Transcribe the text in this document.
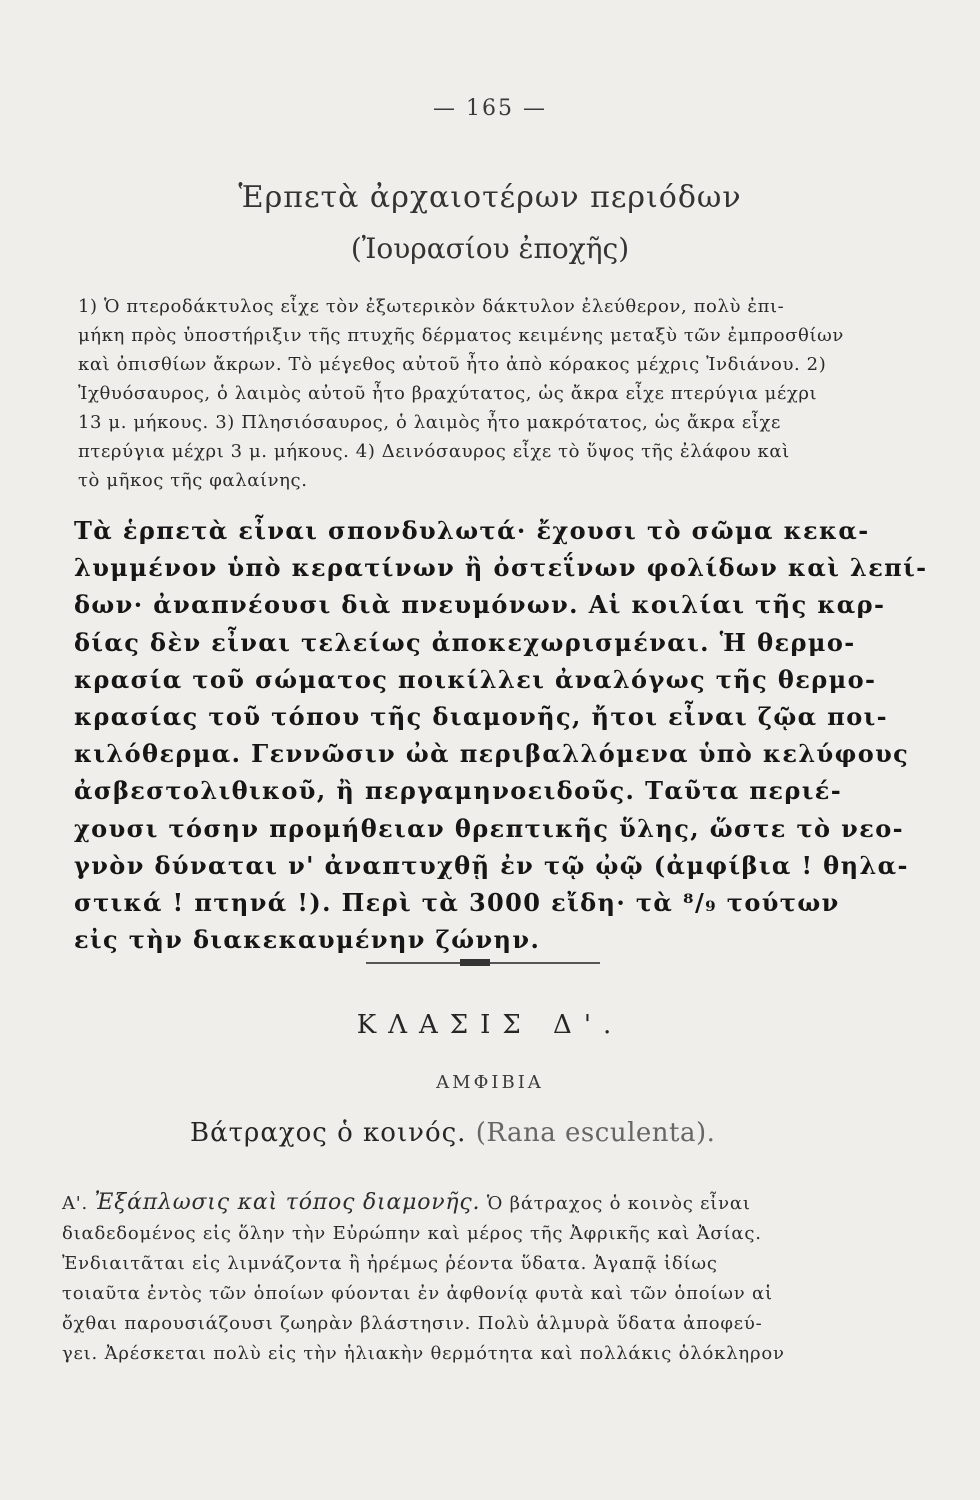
— 165 —
Ἑρπετὰ ἀρχαιοτέρων περιόδων
(Ἰουρασίου ἐποχῆς)
1) Ὁ πτεροδάκτυλος εἶχε τὸν ἐξωτερικὸν δάκτυλον ἐλεύθερον, πολὺ ἐπι-
μήκη πρὸς ὑποστήριξιν τῆς πτυχῆς δέρματος κειμένης μεταξὺ τῶν ἐμπροσθίων
καὶ ὀπισθίων ἄκρων. Τὸ μέγεθος αὐτοῦ ἦτο ἀπὸ κόρακος μέχρις Ἰνδιάνου. 2)
Ἰχθυόσαυρος, ὁ λαιμὸς αὐτοῦ ἦτο βραχύτατος, ὡς ἄκρα εἶχε πτερύγια μέχρι
13 μ. μήκους. 3) Πλησιόσαυρος, ὁ λαιμὸς ἦτο μακρότατος, ὡς ἄκρα εἶχε
πτερύγια μέχρι 3 μ. μήκους. 4) Δεινόσαυρος εἶχε τὸ ὕψος τῆς ἐλάφου καὶ
τὸ μῆκος τῆς φαλαίνης.
Τὰ ἑρπετὰ εἶναι σπονδυλωτά· ἔχουσι τὸ σῶμα κεκα-
λυμμένον ὑπὸ κερατίνων ἢ ὀστεΐνων φολίδων καὶ λεπί-
δων· ἀναπνέουσι διὰ πνευμόνων. Αἱ κοιλίαι τῆς καρ-
δίας δὲν εἶναι τελείως ἀποκεχωρισμέναι. Ἡ θερμο-
κρασία τοῦ σώματος ποικίλλει ἀναλόγως τῆς θερμο-
κρασίας τοῦ τόπου τῆς διαμονῆς, ἤτοι εἶναι ζῷα ποι-
κιλόθερμα. Γεννῶσιν ὠὰ περιβαλλόμενα ὑπὸ κελύφους
ἀσβεστολιθικοῦ, ἢ περγαμηνοειδοῦς. Ταῦτα περιέ-
χουσι τόσην προμήθειαν θρεπτικῆς ὕλης, ὥστε τὸ νεο-
γνὸν δύναται ν' ἀναπτυχθῇ ἐν τῷ ᾠῷ (ἀμφίβια ! θηλα-
στικά ! πτηνά !). Περὶ τὰ 3000 εἴδη· τὰ ⁸/₉ τούτων
εἰς τὴν διακεκαυμένην ζώνην.
ΚΛΑΣΙΣ Δ'.
ΑΜΦΙΒΙΑ
Βάτραχος ὁ κοινός. (Rana esculenta).
Α'. Ἐξάπλωσις καὶ τόπος διαμονῆς. Ὁ βάτραχος ὁ κοινὸς εἶναι
διαδεδομένος εἰς ὅλην τὴν Εὐρώπην καὶ μέρος τῆς Ἀφρικῆς καὶ Ἀσίας.
Ἐνδιαιτᾶται εἰς λιμνάζοντα ἢ ἠρέμως ῥέοντα ὕδατα. Ἀγαπᾷ ἰδίως
τοιαῦτα ἐντὸς τῶν ὁποίων φύονται ἐν ἀφθονίᾳ φυτὰ καὶ τῶν ὁποίων αἱ
ὄχθαι παρουσιάζουσι ζωηρὰν βλάστησιν. Πολὺ ἁλμυρὰ ὕδατα ἀποφεύ-
γει. Ἀρέσκεται πολὺ εἰς τὴν ἡλιακὴν θερμότητα καὶ πολλάκις ὁλόκληρον
